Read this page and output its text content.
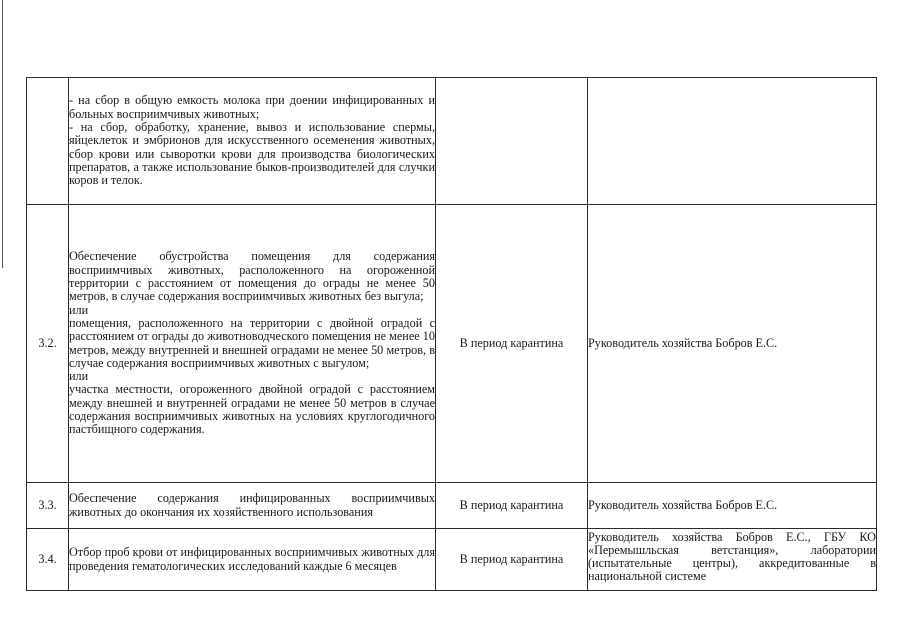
	- на сбор в общую емкость молока при доении инфицированных и больных восприимчивых животных;

- на сбор, обработку, хранение, вывоз и использование спермы, яйцеклеток и эмбрионов для искусственного осеменения животных, сбор крови или сыворотки крови для производства биологических препаратов, а также использование быков-производителей для случки коров и телок.		

3.2.	Обеспечение обустройства помещения для содержания восприимчивых животных, расположенного на огороженной территории с расстоянием от помещения до ограды не менее 50 метров, в случае содержания восприимчивых животных без выгула;

или

помещения, расположенного на территории с двойной оградой с расстоянием от ограды до животноводческого помещения не менее 10 метров, между внутренней и внешней оградами не менее 50 метров, в случае содержания восприимчивых животных с выгулом;

или

участка местности, огороженного двойной оградой с расстоянием между внешней и внутренней оградами не менее 50 метров в случае содержания восприимчивых животных на условиях круглогодичного пастбищного содержания.	В период карантина	Руководитель хозяйства Бобров Е.С.

3.3.	Обеспечение содержания инфицированных восприимчивых животных до окончания их хозяйственного использования	В период карантина	Руководитель хозяйства Бобров Е.С.

3.4.	Отбор проб крови от инфицированных восприимчивых животных для проведения гематологических исследований каждые 6 месяцев	В период карантина	Руководитель хозяйства Бобров Е.С., ГБУ КО «Перемышльская ветстанция», лаборатории (испытательные центры), аккредитованные в национальной системе
